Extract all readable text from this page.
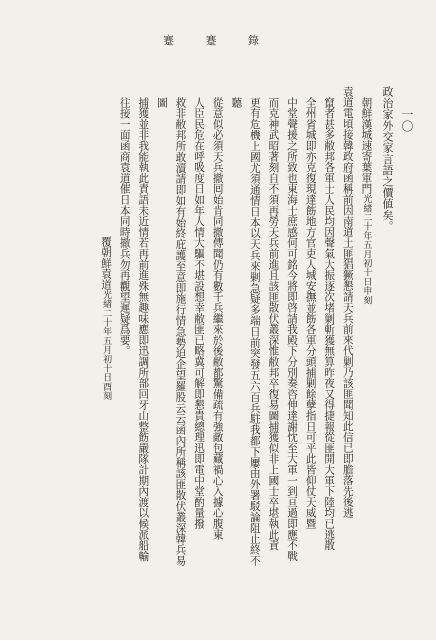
蹇 蹇 錄
一〇

政治家外交家言語之價値矣。

朝鮮漢城速寄葉軍門光緖二十年五月初十日申刻

袁道電頃接韓政府函稱前因南道土匪猖獗懇請天兵前來代剿乃該匪聞知此信已即膽落先後逃

竄者甚多敝邦各軍士人民均因聲氣大振逐次堵剿斬獲無算昨夜又得捷報從匪開大軍下陸均已逃散

全州省城即亦克復現達飭地方官吏人城安撫並飭各軍分頭捕剿餘孽指日可平此皆仰仗天威暨

中堂聲援之所致也東海士庶感何可銘今將即啓請我殿下分別奏咨伸達謝忱至大軍一到亘過即應不戰

而克神武昭著刻自不須再勞天兵前進且該匪散伏叢深惟敝邦卒復易圖捕獲似非上國士卒堪執此責

更有危機上國尤須通情日本以天兵來剿急疑多端日前突發五六百兵駐我都下屢由外署駁論阻止終不聽

從意似必須天兵撤囘始肯同撤傳聞仍有數千兵繼來於後敝都驚備疏有強敵包藏禍心入據心腹東

人臣民危在呼吸度日如年人情大驅不堪設想幸敝匪已略冀可解即懇貴總理迅即電中堂酌量撥

救非敝邦所敢瀆請即如有始終庇護至意即施行情急勢迫企望羅股云云函內所稱該匪散伏叢深韓兵易圖

捕獲並非我能執此責語未近情若再前進殊無趣味應即迅調所部回牙山整飭嚴隊計期內渡以候派船輸

往接一面函商袁道催日本同時撤兵勿再觀望遲疑爲要。

覆朝鮮袁道光緖二十年五月初十日酉刻
